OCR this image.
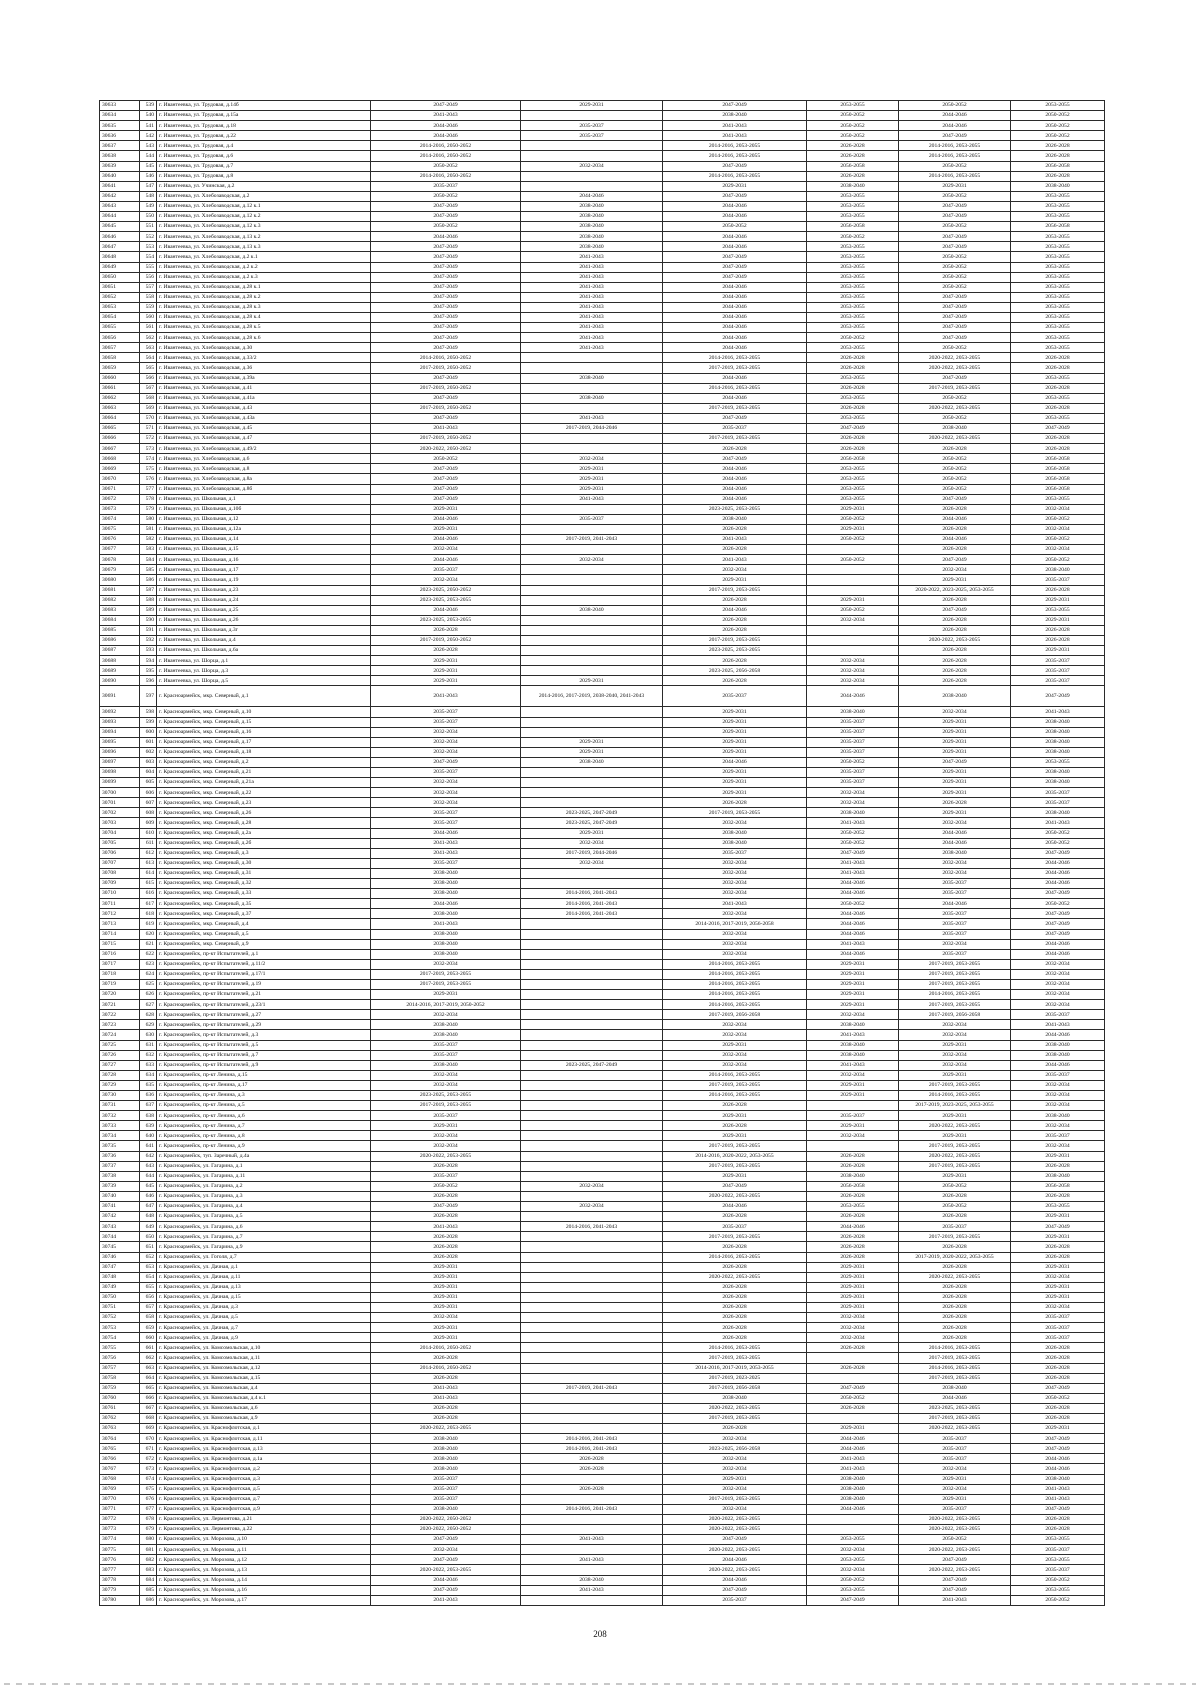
30633	539	г. Ивантеевка, ул. Трудовая, д.14б	2047-2049	2029-2031	2047-2049	2053-2055	2050-2052	2053-2055
30634	540	г. Ивантеевка, ул. Трудовая, д.15а	2041-2043		2038-2040	2050-2052	2044-2046	2050-2052
30635	541	г. Ивантеевка, ул. Трудовая, д.18	2044-2046	2035-2037	2041-2043	2050-2052	2044-2046	2050-2052
30636	542	г. Ивантеевка, ул. Трудовая, д.22	2044-2046	2035-2037	2041-2043	2050-2052	2047-2049	2050-2052
30637	543	г. Ивантеевка, ул. Трудовая, д.4	2014-2016, 2050-2052		2014-2016, 2053-2055	2026-2028	2014-2016, 2053-2055	2026-2028
30638	544	г. Ивантеевка, ул. Трудовая, д.6	2014-2016, 2050-2052		2014-2016, 2053-2055	2026-2028	2014-2016, 2053-2055	2026-2028
30639	545	г. Ивантеевка, ул. Трудовая, д.7	2050-2052	2032-2034	2047-2049	2056-2058	2050-2052	2056-2058
30640	546	г. Ивантеевка, ул. Трудовая, д.8	2014-2016, 2050-2052		2014-2016, 2053-2055	2026-2028	2014-2016, 2053-2055	2026-2028
30641	547	г. Ивантеевка, ул. Учинская, д.2	2035-2037		2029-2031	2038-2040	2029-2031	2038-2040
30642	548	г. Ивантеевка, ул. Хлебозаводская, д.2	2050-2052	2044-2046	2047-2049	2053-2055	2050-2052	2053-2055
30643	549	г. Ивантеевка, ул. Хлебозаводская, д.12 к.1	2047-2049	2038-2040	2044-2046	2053-2055	2047-2049	2053-2055
30644	550	г. Ивантеевка, ул. Хлебозаводская, д.12 к.2	2047-2049	2038-2040	2044-2046	2053-2055	2047-2049	2053-2055
30645	551	г. Ивантеевка, ул. Хлебозаводская, д.12 к.3	2050-2052	2038-2040	2050-2052	2056-2058	2050-2052	2056-2058
30646	552	г. Ивантеевка, ул. Хлебозаводская, д.13 к.2	2044-2046	2038-2040	2044-2046	2050-2052	2047-2049	2053-2055
30647	553	г. Ивантеевка, ул. Хлебозаводская, д.13 к.3	2047-2049	2038-2040	2044-2046	2053-2055	2047-2049	2053-2055
30648	554	г. Ивантеевка, ул. Хлебозаводская, д.2 к.1	2047-2049	2041-2043	2047-2049	2053-2055	2050-2052	2053-2055
30649	555	г. Ивантеевка, ул. Хлебозаводская, д.2 к.2	2047-2049	2041-2043	2047-2049	2053-2055	2050-2052	2053-2055
30650	556	г. Ивантеевка, ул. Хлебозаводская, д.2 к.3	2047-2049	2041-2043	2047-2049	2053-2055	2050-2052	2053-2055
30651	557	г. Ивантеевка, ул. Хлебозаводская, д.28 к.1	2047-2049	2041-2043	2044-2046	2053-2055	2050-2052	2053-2055
30652	558	г. Ивантеевка, ул. Хлебозаводская, д.28 к.2	2047-2049	2041-2043	2044-2046	2053-2055	2047-2049	2053-2055
30653	559	г. Ивантеевка, ул. Хлебозаводская, д.28 к.3	2047-2049	2041-2043	2044-2046	2053-2055	2047-2049	2053-2055
30654	560	г. Ивантеевка, ул. Хлебозаводская, д.28 к.4	2047-2049	2041-2043	2044-2046	2053-2055	2047-2049	2053-2055
30655	561	г. Ивантеевка, ул. Хлебозаводская, д.28 к.5	2047-2049	2041-2043	2044-2046	2053-2055	2047-2049	2053-2055
30656	562	г. Ивантеевка, ул. Хлебозаводская, д.28 к.6	2047-2049	2041-2043	2044-2046	2050-2052	2047-2049	2053-2055
30657	563	г. Ивантеевка, ул. Хлебозаводская, д.30	2047-2049	2041-2043	2044-2046	2053-2055	2050-2052	2053-2055
30658	564	г. Ивантеевка, ул. Хлебозаводская, д.33/2	2014-2016, 2050-2052		2014-2016, 2053-2055	2026-2028	2020-2022, 2053-2055	2026-2028
30659	565	г. Ивантеевка, ул. Хлебозаводская, д.36	2017-2019, 2050-2052		2017-2019, 2053-2055	2026-2028	2020-2022, 2053-2055	2026-2028
30660	566	г. Ивантеевка, ул. Хлебозаводская, д.39а	2047-2049	2038-2040	2044-2046	2053-2055	2047-2049	2053-2055
30661	567	г. Ивантеевка, ул. Хлебозаводская, д.41	2017-2019, 2050-2052		2014-2016, 2053-2055	2026-2028	2017-2019, 2053-2055	2026-2028
30662	568	г. Ивантеевка, ул. Хлебозаводская, д.41а	2047-2049	2038-2040	2044-2046	2053-2055	2050-2052	2053-2055
30663	569	г. Ивантеевка, ул. Хлебозаводская, д.43	2017-2019, 2050-2052		2017-2019, 2053-2055	2026-2028	2020-2022, 2053-2055	2026-2028
30664	570	г. Ивантеевка, ул. Хлебозаводская, д.43а	2047-2049	2041-2043	2047-2049	2053-2055	2050-2052	2053-2055
30665	571	г. Ивантеевка, ул. Хлебозаводская, д.45	2041-2043	2017-2019, 2044-2046	2035-2037	2047-2049	2038-2040	2047-2049
30666	572	г. Ивантеевка, ул. Хлебозаводская, д.47	2017-2019, 2050-2052		2017-2019, 2053-2055	2026-2028	2020-2022, 2053-2055	2026-2028
30667	573	г. Ивантеевка, ул. Хлебозаводская, д.49/2	2020-2022, 2050-2052		2026-2028	2026-2028	2026-2028	2026-2028
30668	574	г. Ивантеевка, ул. Хлебозаводская, д.6	2050-2052	2032-2034	2047-2049	2056-2058	2050-2052	2056-2058
30669	575	г. Ивантеевка, ул. Хлебозаводская, д.8	2047-2049	2029-2031	2044-2046	2053-2055	2050-2052	2056-2058
30670	576	г. Ивантеевка, ул. Хлебозаводская, д.8а	2047-2049	2029-2031	2044-2046	2053-2055	2050-2052	2056-2058
30671	577	г. Ивантеевка, ул. Хлебозаводская, д.8б	2047-2049	2029-2031	2044-2046	2053-2055	2050-2052	2056-2058
30672	578	г. Ивантеевка, ул. Школьная, д.1	2047-2049	2041-2043	2044-2046	2053-2055	2047-2049	2053-2055
30673	579	г. Ивантеевка, ул. Школьная, д.10б	2029-2031		2023-2025, 2053-2055	2029-2031	2026-2028	2032-2034
30674	580	г. Ивантеевка, ул. Школьная, д.12	2044-2046	2035-2037	2038-2040	2050-2052	2044-2046	2050-2052
30675	581	г. Ивантеевка, ул. Школьная, д.12а	2029-2031		2026-2028	2029-2031	2026-2028	2032-2034
30676	582	г. Ивантеевка, ул. Школьная, д.14	2044-2046	2017-2019, 2041-2043	2041-2043	2050-2052	2044-2046	2050-2052
30677	583	г. Ивантеевка, ул. Школьная, д.15	2032-2034		2026-2028		2026-2028	2032-2034
30678	584	г. Ивантеевка, ул. Школьная, д.16	2044-2046	2032-2034	2041-2043	2050-2052	2047-2049	2050-2052
30679	585	г. Ивантеевка, ул. Школьная, д.17	2035-2037		2032-2034		2032-2034	2038-2040
30680	586	г. Ивантеевка, ул. Школьная, д.19	2032-2034		2029-2031		2029-2031	2035-2037
30681	587	г. Ивантеевка, ул. Школьная, д.23	2023-2025, 2050-2052		2017-2019, 2053-2055		2020-2022, 2023-2025, 2053-2055	2026-2028
30682	588	г. Ивантеевка, ул. Школьная, д.24	2023-2025, 2053-2055		2026-2028	2029-2031	2026-2028	2029-2031
30683	589	г. Ивантеевка, ул. Школьная, д.25	2044-2046	2038-2040	2044-2046	2050-2052	2047-2049	2053-2055
30684	590	г. Ивантеевка, ул. Школьная, д.26	2023-2025, 2053-2055		2026-2028	2032-2034	2026-2028	2029-2031
30685	591	г. Ивантеевка, ул. Школьная, д.3г	2026-2028		2026-2028		2026-2028	2026-2028
30686	592	г. Ивантеевка, ул. Школьная, д.4	2017-2019, 2050-2052		2017-2019, 2053-2055		2020-2022, 2053-2055	2026-2028
30687	593	г. Ивантеевка, ул. Школьная, д.6а	2026-2028		2023-2025, 2053-2055		2026-2028	2029-2031
30688	594	г. Ивантеевка, ул. Шорца, д.1	2029-2031		2026-2028	2032-2034	2026-2028	2035-2037
30689	595	г. Ивантеевка, ул. Шорца, д.3	2029-2031		2023-2025, 2056-2058	2032-2034	2026-2028	2035-2037
30690	596	г. Ивантеевка, ул. Шорца, д.5	2029-2031	2029-2031	2026-2028	2032-2034	2026-2028	2035-2037
30691	597	г. Красноармейск, мкр. Северный, д.1	2041-2043	2014-2016, 2017-2019, 2038-2040, 2041-2043	2035-2037	2044-2046	2038-2040	2047-2049
30692	598	г. Красноармейск, мкр. Северный, д.10	2035-2037		2029-2031	2038-2040	2032-2034	2041-2043
30693	599	г. Красноармейск, мкр. Северный, д.15	2035-2037		2029-2031	2035-2037	2029-2031	2038-2040
30694	600	г. Красноармейск, мкр. Северный, д.16	2032-2034		2029-2031	2035-2037	2029-2031	2038-2040
30695	601	г. Красноармейск, мкр. Северный, д.17	2032-2034	2029-2031	2029-2031	2035-2037	2029-2031	2038-2040
30696	602	г. Красноармейск, мкр. Северный, д.18	2032-2034	2029-2031	2029-2031	2035-2037	2029-2031	2038-2040
30697	603	г. Красноармейск, мкр. Северный, д.2	2047-2049	2038-2040	2044-2046	2050-2052	2047-2049	2053-2055
30698	604	г. Красноармейск, мкр. Северный, д.21	2035-2037		2029-2031	2035-2037	2029-2031	2038-2040
30699	605	г. Красноармейск, мкр. Северный, д.21а	2032-2034		2029-2031	2035-2037	2029-2031	2038-2040
30700	606	г. Красноармейск, мкр. Северный, д.22	2032-2034		2029-2031	2032-2034	2029-2031	2035-2037
30701	607	г. Красноармейск, мкр. Северный, д.23	2032-2034		2026-2028	2032-2034	2026-2028	2035-2037
30702	608	г. Красноармейск, мкр. Северный, д.26	2035-2037	2023-2025, 2047-2049	2017-2019, 2053-2055	2038-2040	2029-2031	2038-2040
30703	609	г. Красноармейск, мкр. Северный, д.28	2035-2037	2023-2025, 2047-2049	2032-2034	2041-2043	2032-2034	2041-2043
30704	610	г. Красноармейск, мкр. Северный, д.2а	2044-2046	2029-2031	2038-2040	2050-2052	2044-2046	2050-2052
30705	611	г. Красноармейск, мкр. Северный, д.2б	2041-2043	2032-2034	2038-2040	2050-2052	2044-2046	2050-2052
30706	612	г. Красноармейск, мкр. Северный, д.3	2041-2043	2017-2019, 2044-2046	2035-2037	2047-2049	2038-2040	2047-2049
30707	613	г. Красноармейск, мкр. Северный, д.30	2035-2037	2032-2034	2032-2034	2041-2043	2032-2034	2044-2046
30708	614	г. Красноармейск, мкр. Северный, д.31	2038-2040		2032-2034	2041-2043	2032-2034	2044-2046
30709	615	г. Красноармейск, мкр. Северный, д.32	2038-2040		2032-2034	2044-2046	2035-2037	2044-2046
30710	616	г. Красноармейск, мкр. Северный, д.33	2038-2040	2014-2016, 2041-2043	2032-2034	2044-2046	2035-2037	2047-2049
30711	617	г. Красноармейск, мкр. Северный, д.35	2044-2046	2014-2016, 2041-2043	2041-2043	2050-2052	2044-2046	2050-2052
30712	618	г. Красноармейск, мкр. Северный, д.37	2038-2040	2014-2016, 2041-2043	2032-2034	2044-2046	2035-2037	2047-2049
30713	619	г. Красноармейск, мкр. Северный, д.4	2041-2043		2014-2016, 2017-2019, 2056-2058	2044-2046	2035-2037	2047-2049
30714	620	г. Красноармейск, мкр. Северный, д.5	2038-2040		2032-2034	2044-2046	2035-2037	2047-2049
30715	621	г. Красноармейск, мкр. Северный, д.9	2038-2040		2032-2034	2041-2043	2032-2034	2044-2046
30716	622	г. Красноармейск, пр-кт Испытателей, д.1	2038-2040		2032-2034	2044-2046	2035-2037	2044-2046
30717	623	г. Красноармейск, пр-кт Испытателей, д.11/2	2032-2034		2014-2016, 2053-2055	2029-2031	2017-2019, 2053-2055	2032-2034
30718	624	г. Красноармейск, пр-кт Испытателей, д.17/1	2017-2019, 2053-2055		2014-2016, 2053-2055	2029-2031	2017-2019, 2053-2055	2032-2034
30719	625	г. Красноармейск, пр-кт Испытателей, д.19	2017-2019, 2053-2055		2014-2016, 2053-2055	2029-2031	2017-2019, 2053-2055	2032-2034
30720	626	г. Красноармейск, пр-кт Испытателей, д.21	2029-2031		2014-2016, 2053-2055	2029-2031	2014-2016, 2053-2055	2032-2034
30721	627	г. Красноармейск, пр-кт Испытателей, д.23/1	2014-2016, 2017-2019, 2050-2052		2014-2016, 2053-2055	2029-2031	2017-2019, 2053-2055	2032-2034
30722	628	г. Красноармейск, пр-кт Испытателей, д.27	2032-2034		2017-2019, 2056-2058	2032-2034	2017-2019, 2056-2058	2035-2037
30723	629	г. Красноармейск, пр-кт Испытателей, д.29	2038-2040		2032-2034	2038-2040	2032-2034	2041-2043
30724	630	г. Красноармейск, пр-кт Испытателей, д.3	2038-2040		2032-2034	2041-2043	2032-2034	2044-2046
30725	631	г. Красноармейск, пр-кт Испытателей, д.5	2035-2037		2029-2031	2038-2040	2029-2031	2038-2040
30726	632	г. Красноармейск, пр-кт Испытателей, д.7	2035-2037		2032-2034	2038-2040	2032-2034	2038-2040
30727	633	г. Красноармейск, пр-кт Испытателей, д.9	2038-2040	2023-2025, 2047-2049	2032-2034	2041-2043	2032-2034	2044-2046
30728	634	г. Красноармейск, пр-кт Ленина, д.15	2032-2034		2014-2016, 2053-2055	2032-2034	2029-2031	2035-2037
30729	635	г. Красноармейск, пр-кт Ленина, д.17	2032-2034		2017-2019, 2053-2055	2029-2031	2017-2019, 2053-2055	2032-2034
30730	636	г. Красноармейск, пр-кт Ленина, д.3	2023-2025, 2053-2055		2014-2016, 2053-2055	2029-2031	2014-2016, 2053-2055	2032-2034
30731	637	г. Красноармейск, пр-кт Ленина, д.5	2017-2019, 2053-2055		2026-2028		2017-2019, 2023-2025, 2053-2055	2032-2034
30732	638	г. Красноармейск, пр-кт Ленина, д.6	2035-2037		2029-2031	2035-2037	2029-2031	2038-2040
30733	639	г. Красноармейск, пр-кт Ленина, д.7	2029-2031		2026-2028	2029-2031	2020-2022, 2053-2055	2032-2034
30734	640	г. Красноармейск, пр-кт Ленина, д.8	2032-2034		2029-2031	2032-2034	2029-2031	2035-2037
30735	641	г. Красноармейск, пр-кт Ленина, д.9	2032-2034		2017-2019, 2053-2055		2017-2019, 2053-2055	2032-2034
30736	642	г. Красноармейск, туп. Заречный, д.4а	2020-2022, 2053-2055		2014-2016, 2020-2022, 2053-2055	2026-2028	2020-2022, 2053-2055	2029-2031
30737	643	г. Красноармейск, ул. Гагарина, д.1	2026-2028		2017-2019, 2053-2055	2026-2028	2017-2019, 2053-2055	2026-2028
30738	644	г. Красноармейск, ул. Гагарина, д.11	2035-2037		2029-2031	2038-2040	2029-2031	2038-2040
30739	645	г. Красноармейск, ул. Гагарина, д.2	2050-2052	2032-2034	2047-2049	2056-2058	2050-2052	2056-2058
30740	646	г. Красноармейск, ул. Гагарина, д.3	2026-2028		2020-2022, 2053-2055	2026-2028	2026-2028	2026-2028
30741	647	г. Красноармейск, ул. Гагарина, д.4	2047-2049	2032-2034	2044-2046	2053-2055	2050-2052	2053-2055
30742	648	г. Красноармейск, ул. Гагарина, д.5	2026-2028		2026-2028	2026-2028	2026-2028	2029-2031
30743	649	г. Красноармейск, ул. Гагарина, д.6	2041-2043	2014-2016, 2041-2043	2035-2037	2044-2046	2035-2037	2047-2049
30744	650	г. Красноармейск, ул. Гагарина, д.7	2026-2028		2017-2019, 2053-2055	2026-2028	2017-2019, 2053-2055	2029-2031
30745	651	г. Красноармейск, ул. Гагарина, д.9	2026-2028		2026-2028	2026-2028	2026-2028	2026-2028
30746	652	г. Красноармейск, ул. Гоголя, д.7	2026-2028		2014-2016, 2053-2055	2026-2028	2017-2019, 2020-2022, 2053-2055	2026-2028
30747	653	г. Красноармейск, ул. Дачная, д.1	2029-2031		2026-2028	2029-2031	2026-2028	2029-2031
30748	654	г. Красноармейск, ул. Дачная, д.11	2029-2031		2020-2022, 2053-2055	2029-2031	2020-2022, 2053-2055	2032-2034
30749	655	г. Красноармейск, ул. Дачная, д.13	2029-2031		2026-2028	2029-2031	2026-2028	2029-2031
30750	656	г. Красноармейск, ул. Дачная, д.15	2029-2031		2026-2028	2029-2031	2026-2028	2029-2031
30751	657	г. Красноармейск, ул. Дачная, д.3	2029-2031		2026-2028	2029-2031	2026-2028	2032-2034
30752	658	г. Красноармейск, ул. Дачная, д.5	2032-2034		2026-2028	2032-2034	2026-2028	2035-2037
30753	659	г. Красноармейск, ул. Дачная, д.7	2029-2031		2026-2028	2032-2034	2026-2028	2035-2037
30754	660	г. Красноармейск, ул. Дачная, д.9	2029-2031		2026-2028	2032-2034	2026-2028	2035-2037
30755	661	г. Красноармейск, ул. Комсомольская, д.10	2014-2016, 2050-2052		2014-2016, 2053-2055	2026-2028	2014-2016, 2053-2055	2026-2028
30756	662	г. Красноармейск, ул. Комсомольская, д.11	2026-2028		2017-2019, 2053-2055		2017-2019, 2053-2055	2026-2028
30757	663	г. Красноармейск, ул. Комсомольская, д.12	2014-2016, 2050-2052		2014-2016, 2017-2019, 2053-2055	2026-2028	2014-2016, 2053-2055	2026-2028
30758	664	г. Красноармейск, ул. Комсомольская, д.15	2026-2028		2017-2019, 2023-2025		2017-2019, 2053-2055	2026-2028
30759	665	г. Красноармейск, ул. Комсомольская, д.4	2041-2043	2017-2019, 2041-2043	2017-2019, 2056-2058	2047-2049	2038-2040	2047-2049
30760	666	г. Красноармейск, ул. Комсомольская, д.4 к.1	2041-2043		2038-2040	2050-2052	2044-2046	2050-2052
30761	667	г. Красноармейск, ул. Комсомольская, д.6	2026-2028		2020-2022, 2053-2055	2026-2028	2023-2025, 2053-2055	2026-2028
30762	668	г. Красноармейск, ул. Комсомольская, д.9	2026-2028		2017-2019, 2053-2055		2017-2019, 2053-2055	2026-2028
30763	669	г. Красноармейск, ул. Краснофлотская, д.1	2020-2022, 2053-2055		2026-2028	2029-2031	2020-2022, 2053-2055	2029-2031
30764	670	г. Красноармейск, ул. Краснофлотская, д.11	2038-2040	2014-2016, 2041-2043	2032-2034	2044-2046	2035-2037	2047-2049
30765	671	г. Красноармейск, ул. Краснофлотская, д.13	2038-2040	2014-2016, 2041-2043	2023-2025, 2056-2058	2044-2046	2035-2037	2047-2049
30766	672	г. Красноармейск, ул. Краснофлотская, д.1а	2038-2040	2026-2028	2032-2034	2041-2043	2035-2037	2044-2046
30767	673	г. Красноармейск, ул. Краснофлотская, д.2	2038-2040	2026-2028	2032-2034	2041-2043	2032-2034	2044-2046
30768	674	г. Красноармейск, ул. Краснофлотская, д.3	2035-2037		2029-2031	2038-2040	2029-2031	2038-2040
30769	675	г. Красноармейск, ул. Краснофлотская, д.5	2035-2037	2026-2028	2032-2034	2038-2040	2032-2034	2041-2043
30770	676	г. Красноармейск, ул. Краснофлотская, д.7	2035-2037		2017-2019, 2053-2055	2038-2040	2029-2031	2041-2043
30771	677	г. Красноармейск, ул. Краснофлотская, д.9	2038-2040	2014-2016, 2041-2043	2032-2034	2044-2046	2035-2037	2047-2049
30772	678	г. Красноармейск, ул. Лермонтова, д.21	2020-2022, 2050-2052		2020-2022, 2053-2055		2020-2022, 2053-2055	2026-2028
30773	679	г. Красноармейск, ул. Лермонтова, д.22	2020-2022, 2050-2052		2020-2022, 2053-2055		2020-2022, 2053-2055	2026-2028
30774	680	г. Красноармейск, ул. Морозова, д.10	2047-2049	2041-2043	2047-2049	2053-2055	2050-2052	2053-2055
30775	681	г. Красноармейск, ул. Морозова, д.11	2032-2034		2020-2022, 2053-2055	2032-2034	2020-2022, 2053-2055	2035-2037
30776	682	г. Красноармейск, ул. Морозова, д.12	2047-2049	2041-2043	2044-2046	2053-2055	2047-2049	2053-2055
30777	683	г. Красноармейск, ул. Морозова, д.13	2020-2022, 2053-2055		2020-2022, 2053-2055	2032-2034	2020-2022, 2053-2055	2035-2037
30778	684	г. Красноармейск, ул. Морозова, д.14	2044-2046	2038-2040	2044-2046	2050-2052	2047-2049	2050-2052
30779	685	г. Красноармейск, ул. Морозова, д.16	2047-2049	2041-2043	2047-2049	2053-2055	2047-2049	2053-2055
30780	686	г. Красноармейск, ул. Морозова, д.17	2041-2043		2035-2037	2047-2049	2041-2043	2050-2052
208
